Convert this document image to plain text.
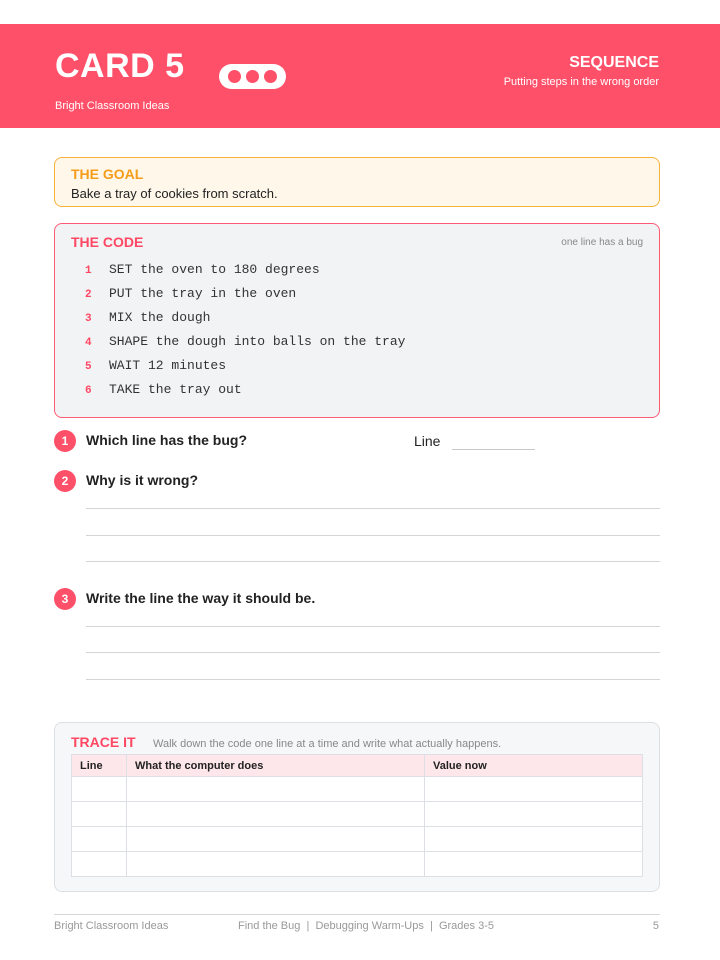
CARD 5
Bright Classroom Ideas
SEQUENCE
Putting steps in the wrong order
THE GOAL
Bake a tray of cookies from scratch.
THE CODE	one line has a bug
1 SET the oven to 180 degrees
2 PUT the tray in the oven
3 MIX the dough
4 SHAPE the dough into balls on the tray
5 WAIT 12 minutes
6 TAKE the tray out
1	Which line has the bug?	Line
2	Why is it wrong?
3	Write the line the way it should be.
TRACE IT Walk down the code one line at a time and write what actually happens.
Line	What the computer does	Value now

Bright Classroom Ideas	Find the Bug  |  Debugging Warm-Ups  |  Grades 3-5	5
